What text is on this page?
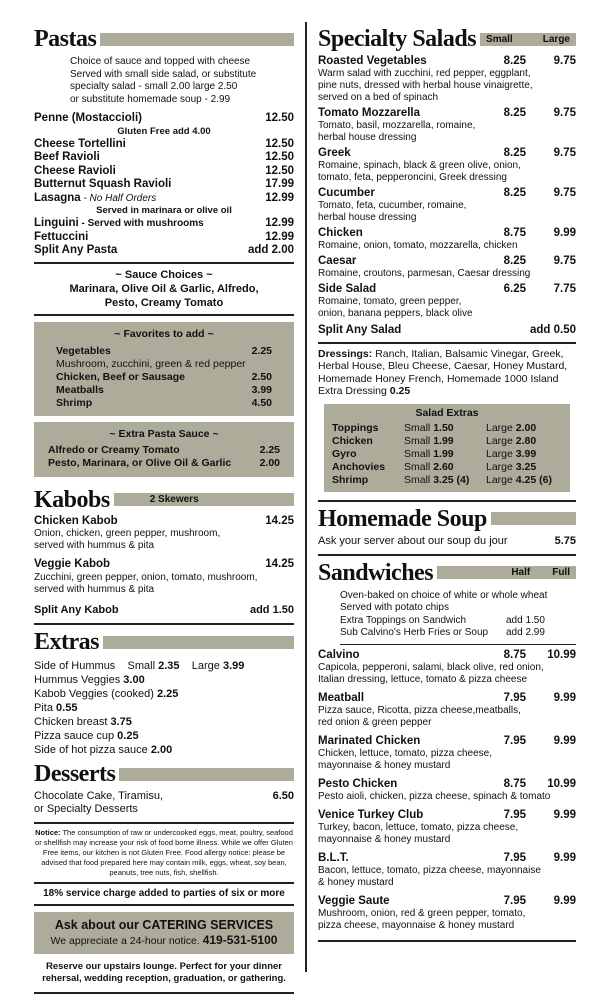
Pastas
Choice of sauce and topped with cheese
Served with small side salad, or substitute
specialty salad - small 2.00 large 2.50
or substitute homemade soup - 2.99
Penne (Mostaccioli)	12.50
Gluten Free add 4.00
Cheese Tortellini	12.50
Beef Ravioli	12.50
Cheese Ravioli	12.50
Butternut Squash Ravioli	17.99
Lasagna - No Half Orders	12.99
Served in marinara or olive oil
Linguini - Served with mushrooms	12.99
Fettuccini	12.99
Split Any Pasta	add 2.00
~ Sauce Choices ~
Marinara, Olive Oil & Garlic, Alfredo,
Pesto, Creamy Tomato
~ Favorites to add ~
Vegetables	2.25
Mushroom, zucchini, green & red pepper
Chicken, Beef or Sausage	2.50
Meatballs	3.99
Shrimp	4.50
~ Extra Pasta Sauce ~
Alfredo or Creamy Tomato	2.25
Pesto, Marinara, or Olive Oil & Garlic	2.00
Kabobs	2 Skewers
Chicken Kabob	14.25
Onion, chicken, green pepper, mushroom,
served with hummus & pita
Veggie Kabob	14.25
Zucchini, green pepper, onion, tomato, mushroom,
served with hummus & pita
Split Any Kabob	add 1.50
Extras
Side of Hummus Small 2.35 Large 3.99
Hummus Veggies 3.00
Kabob Veggies (cooked) 2.25
Pita 0.55
Chicken breast 3.75
Pizza sauce cup 0.25
Side of hot pizza sauce 2.00
Desserts
Chocolate Cake, Tiramisu,
or Specialty Desserts
6.50
Notice: The consumption of raw or undercooked eggs, meat, poultry, seafood or shellfish may increase your risk of food borne illness. While we offer Gluten Free items, our kitchen is not Gluten Free. Food allergy notice: please be advised that food prepared here may contain milk, eggs, wheat, soy bean, peanuts, tree nuts, fish, shellfish.
18% service charge added to parties of six or more
Ask about our CATERING SERVICES
We appreciate a 24-hour notice. 419-531-5100
Reserve our upstairs lounge. Perfect for your dinner
rehersal, wedding reception, graduation, or gathering.
Specialty Salads Small	Large
Roasted Vegetables	8.25	9.75
Warm salad with zucchini, red pepper, eggplant,
pine nuts, dressed with herbal house vinaigrette,
served on a bed of spinach
Tomato Mozzarella	8.25	9.75
Tomato, basil, mozzarella, romaine,
herbal house dressing
Greek	8.25	9.75
Romaine, spinach, black & green olive, onion,
tomato, feta, pepperoncini, Greek dressing
Cucumber	8.25	9.75
Tomato, feta, cucumber, romaine,
herbal house dressing
Chicken	8.75	9.99
Romaine, onion, tomato, mozzarella, chicken
Caesar	8.25	9.75
Romaine, croutons, parmesan, Caesar dressing
Side Salad	6.25	7.75
Romaine, tomato, green pepper,
onion, banana peppers, black olive
Split Any Salad	add 0.50
Dressings: Ranch, Italian, Balsamic Vinegar, Greek, Herbal House, Bleu Cheese, Caesar, Honey Mustard, Homemade Honey French, Homemade 1000 Island
Extra Dressing 0.25
Salad Extras
Toppings	Small 1.50	Large 2.00
Chicken	Small 1.99	Large 2.80
Gyro	Small 1.99	Large 3.99
Anchovies	Small 2.60	Large 3.25
Shrimp	Small 3.25 (4)	Large 4.25 (6)
Homemade Soup
Ask your server about our soup du jour	5.75
Sandwiches	Half Full
Oven-baked on choice of white or whole wheat
Served with potato chips
Extra Toppings on Sandwich	add 1.50
Sub Calvino's Herb Fries or Soup	add 2.99
Calvino	8.75	10.99
Capicola, pepperoni, salami, black olive, red onion,
Italian dressing, lettuce, tomato & pizza cheese
Meatball	7.95	9.99
Pizza sauce, Ricotta, pizza cheese,meatballs,
red onion & green pepper
Marinated Chicken	7.95	9.99
Chicken, lettuce, tomato, pizza cheese,
mayonnaise & honey mustard
Pesto Chicken	8.75	10.99
Pesto aioli, chicken, pizza cheese, spinach & tomato
Venice Turkey Club	7.95	9.99
Turkey, bacon, lettuce, tomato, pizza cheese,
mayonnaise & honey mustard
B.L.T.	7.95	9.99
Bacon, lettuce, tomato, pizza cheese, mayonnaise
& honey mustard
Veggie Saute	7.95	9.99
Mushroom, onion, red & green pepper, tomato,
pizza cheese, mayonnaise & honey mustard
